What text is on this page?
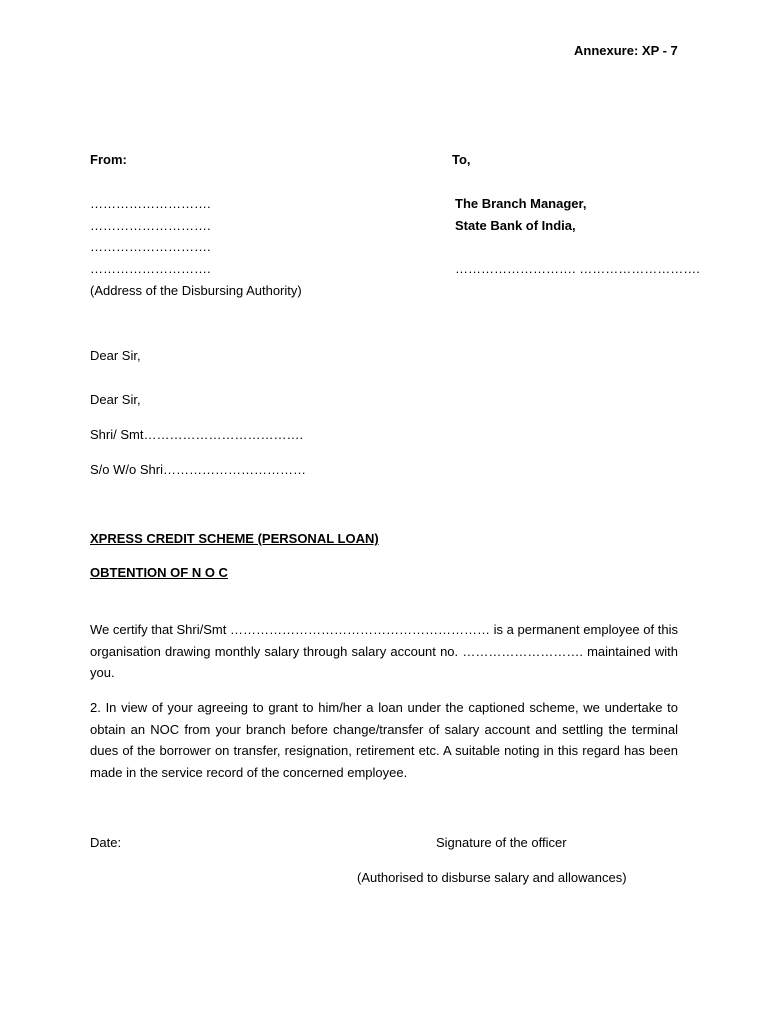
Annexure: XP - 7
From:	To,
……………………….
……………………….
……………………….
……………………….
(Address of the Disbursing Authority)
The Branch Manager,
State Bank of India,
………………………. ……………………….
Dear Sir,
Dear Sir,
Shri/ Smt……………………………….
S/o W/o Shri……………………………
XPRESS CREDIT SCHEME (PERSONAL LOAN)
OBTENTION OF N O C
We certify that Shri/Smt …………………………………………………… is a permanent employee of this organisation drawing monthly salary through salary account no. ………………………. maintained with you.
2. In view of your agreeing to grant to him/her a loan under the captioned scheme, we undertake to obtain an NOC from your branch before change/transfer of salary account and settling the terminal dues of the borrower on transfer, resignation, retirement etc. A suitable noting in this regard has been made in the service record of the concerned employee.
Date:	Signature of the officer
(Authorised to disburse salary and allowances)
